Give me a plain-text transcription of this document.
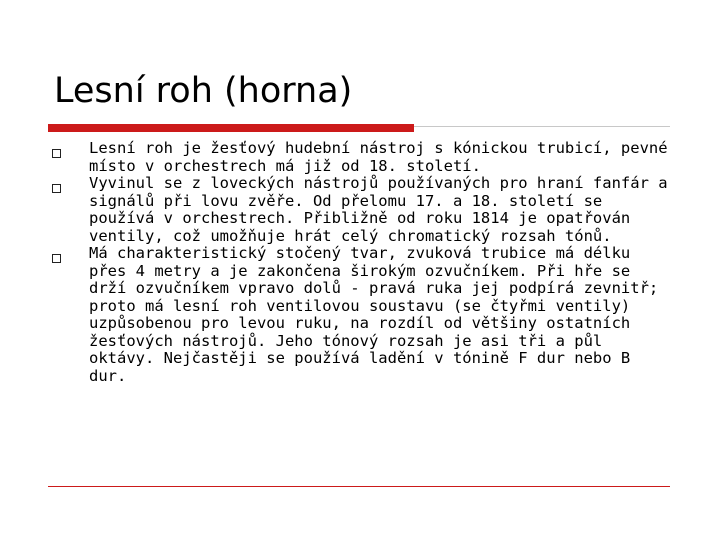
Lesní roh (horna)
Lesní roh je žesťový hudební nástroj s kónickou trubicí, pevné místo v orchestrech má již od 18. století.
Vyvinul se z loveckých nástrojů používaných pro hraní fanfár a signálů při lovu zvěře. Od přelomu 17. a 18. století se používá v orchestrech. Přibližně od roku 1814 je opatřován ventily, což umožňuje hrát celý chromatický rozsah tónů.
Má charakteristický stočený tvar, zvuková trubice má délku přes 4 metry a je zakončena širokým ozvučníkem. Při hře se drží ozvučníkem vpravo dolů - pravá ruka jej podpírá zevnitř; proto má lesní roh ventilovou soustavu (se čtyřmi ventily) uzpůsobenou pro levou ruku, na rozdíl od většiny ostatních žesťových nástrojů. Jeho tónový rozsah je asi tři a půl oktávy. Nejčastěji se používá ladění v tónině F dur nebo B dur.
